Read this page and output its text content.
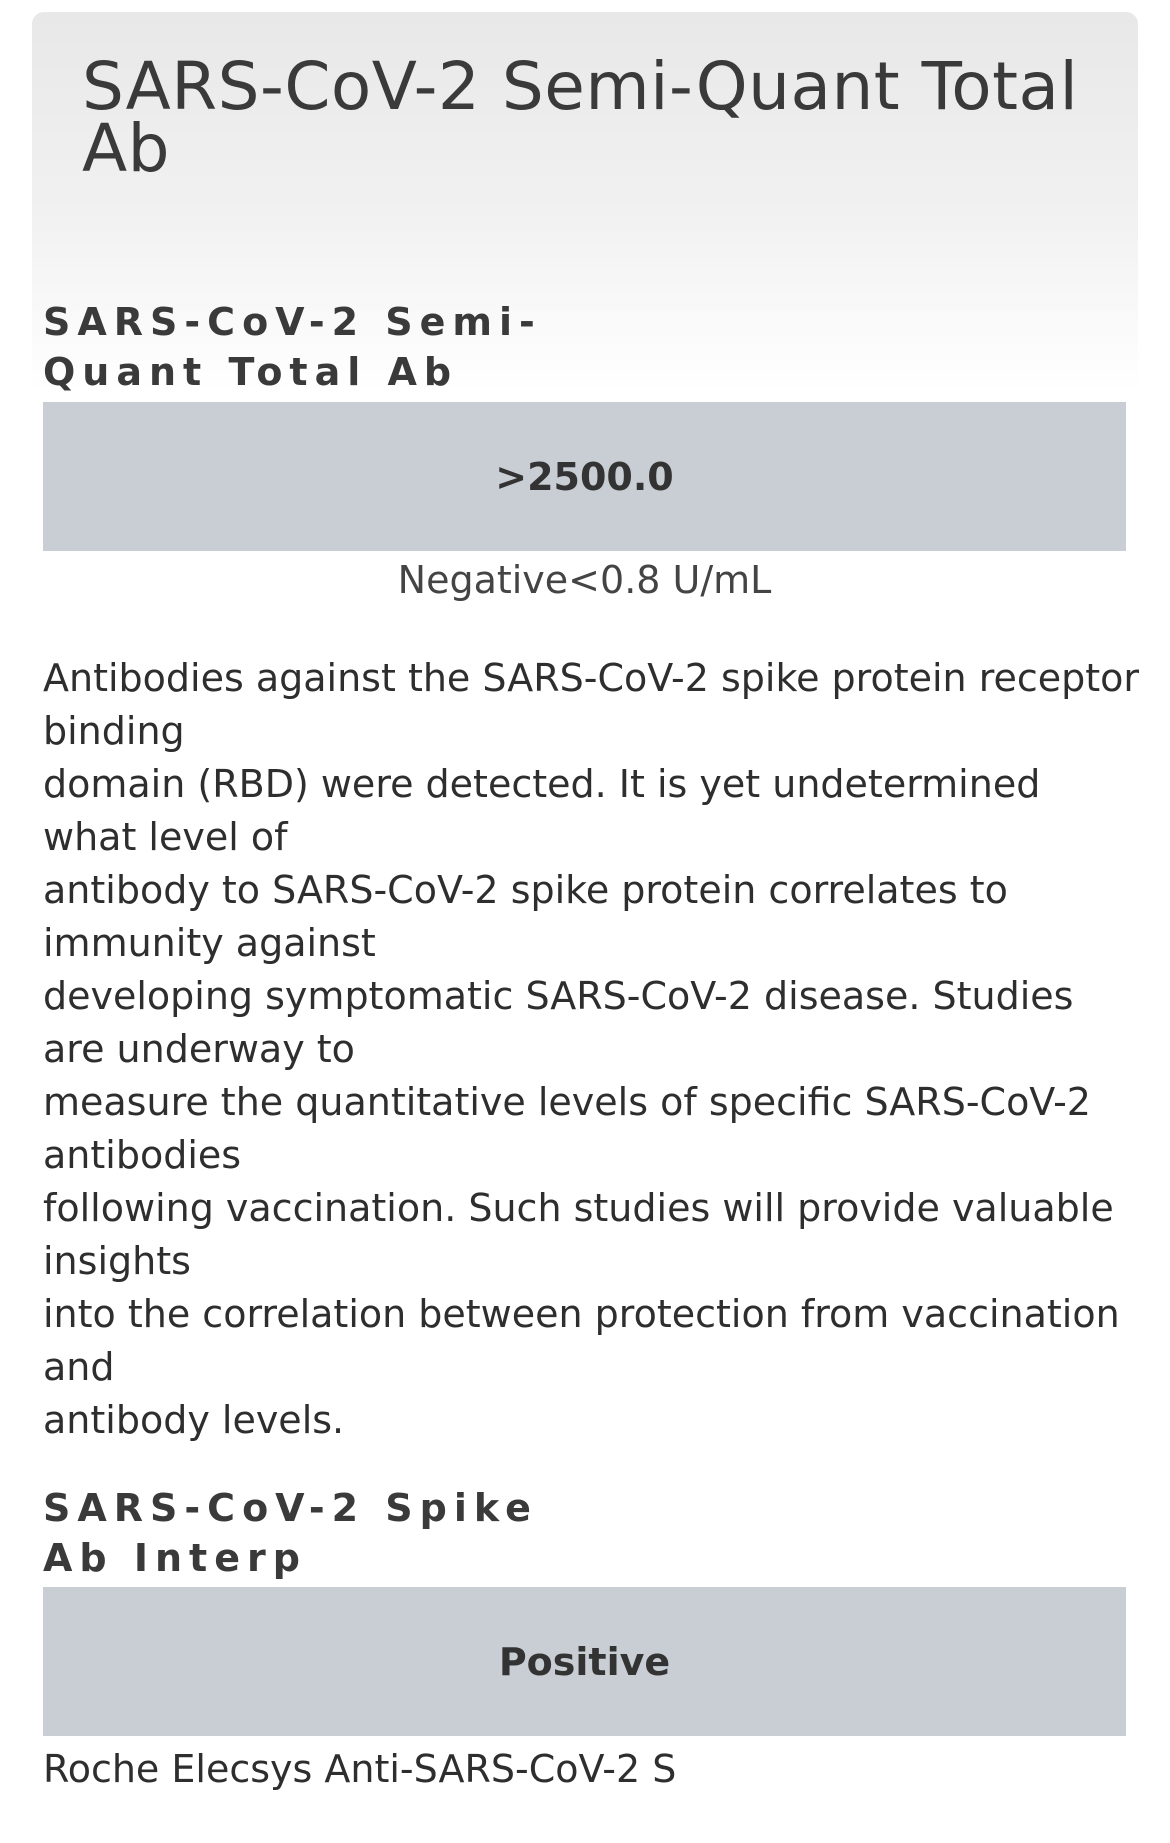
SARS-CoV-2 Semi-Quant Total Ab
SARS-CoV-2 Semi-
Quant Total Ab
>2500.0
Negative<0.8 U/mL

Antibodies against the SARS-CoV-2 spike protein receptor binding
domain (RBD) were detected. It is yet undetermined what level of
antibody to SARS-CoV-2 spike protein correlates to immunity against
developing symptomatic SARS-CoV-2 disease. Studies are underway to
measure the quantitative levels of specific SARS-CoV-2 antibodies
following vaccination. Such studies will provide valuable insights
into the correlation between protection from vaccination and
antibody levels.

SARS-CoV-2 Spike
Ab Interp
Positive
Roche Elecsys Anti-SARS-CoV-2 S
